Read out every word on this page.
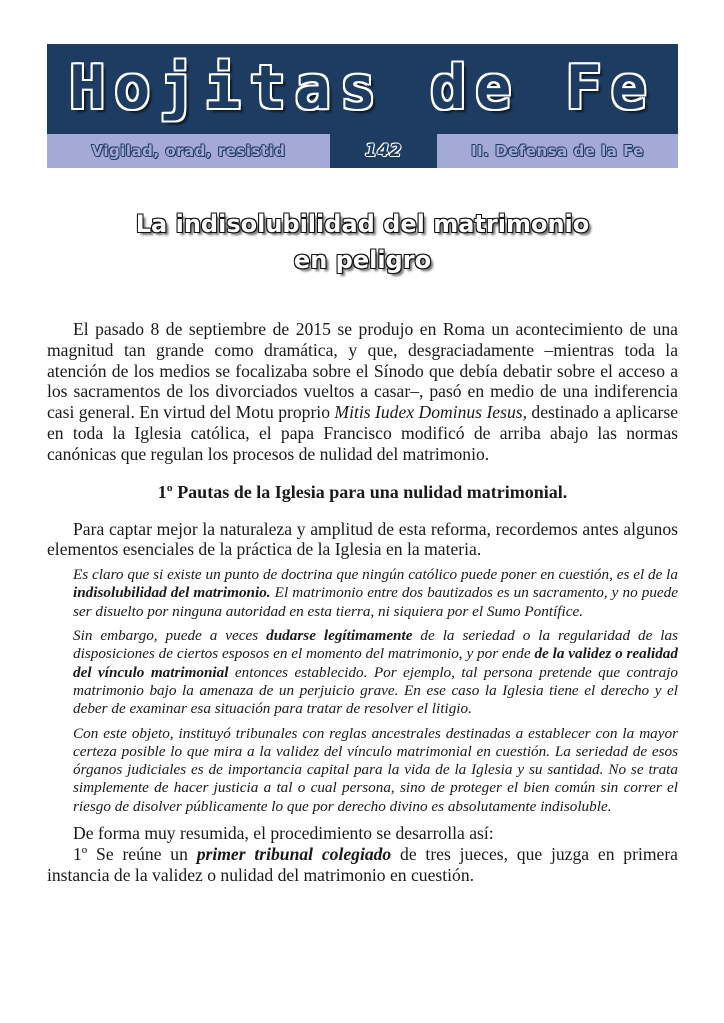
Hojitas de Fe
Vigilad, orad, resistid	142	II. Defensa de la Fe
La indisolubilidad del matrimonio
en peligro

El pasado 8 de septiembre de 2015 se produjo en Roma un acontecimiento de una magnitud tan grande como dramática, y que, desgraciadamente –mientras toda la atención de los medios se focalizaba sobre el Sínodo que debía debatir sobre el acceso a los sacramentos de los divorciados vueltos a casar–, pasó en medio de una indiferencia casi general. En virtud del Motu proprio Mitis Iudex Dominus Iesus, destinado a aplicarse en toda la Iglesia católica, el papa Francisco modificó de arriba abajo las normas canónicas que regulan los procesos de nulidad del matrimonio.

1º Pautas de la Iglesia para una nulidad matrimonial.

Para captar mejor la naturaleza y amplitud de esta reforma, recordemos antes algunos elementos esenciales de la práctica de la Iglesia en la materia.

Es claro que si existe un punto de doctrina que ningún católico puede poner en cuestión, es el de la indisolubilidad del matrimonio. El matrimonio entre dos bautizados es un sacramento, y no puede ser disuelto por ninguna autoridad en esta tierra, ni siquiera por el Sumo Pontífice.

Sin embargo, puede a veces dudarse legítimamente de la seriedad o la regularidad de las disposiciones de ciertos esposos en el momento del matrimonio, y por ende de la validez o realidad del vínculo matrimonial entonces establecido. Por ejemplo, tal persona pretende que contrajo matrimonio bajo la amenaza de un perjuicio grave. En ese caso la Iglesia tiene el derecho y el deber de examinar esa situación para tratar de resolver el litigio.

Con este objeto, instituyó tribunales con reglas ancestrales destinadas a establecer con la mayor certeza posible lo que mira a la validez del vínculo matrimonial en cuestión. La seriedad de esos órganos judiciales es de importancia capital para la vida de la Iglesia y su santidad. No se trata simplemente de hacer justicia a tal o cual persona, sino de proteger el bien común sin correr el riesgo de disolver públicamente lo que por derecho divino es absolutamente indisoluble.

De forma muy resumida, el procedimiento se desarrolla así:

1º Se reúne un primer tribunal colegiado de tres jueces, que juzga en primera instancia de la validez o nulidad del matrimonio en cuestión.
